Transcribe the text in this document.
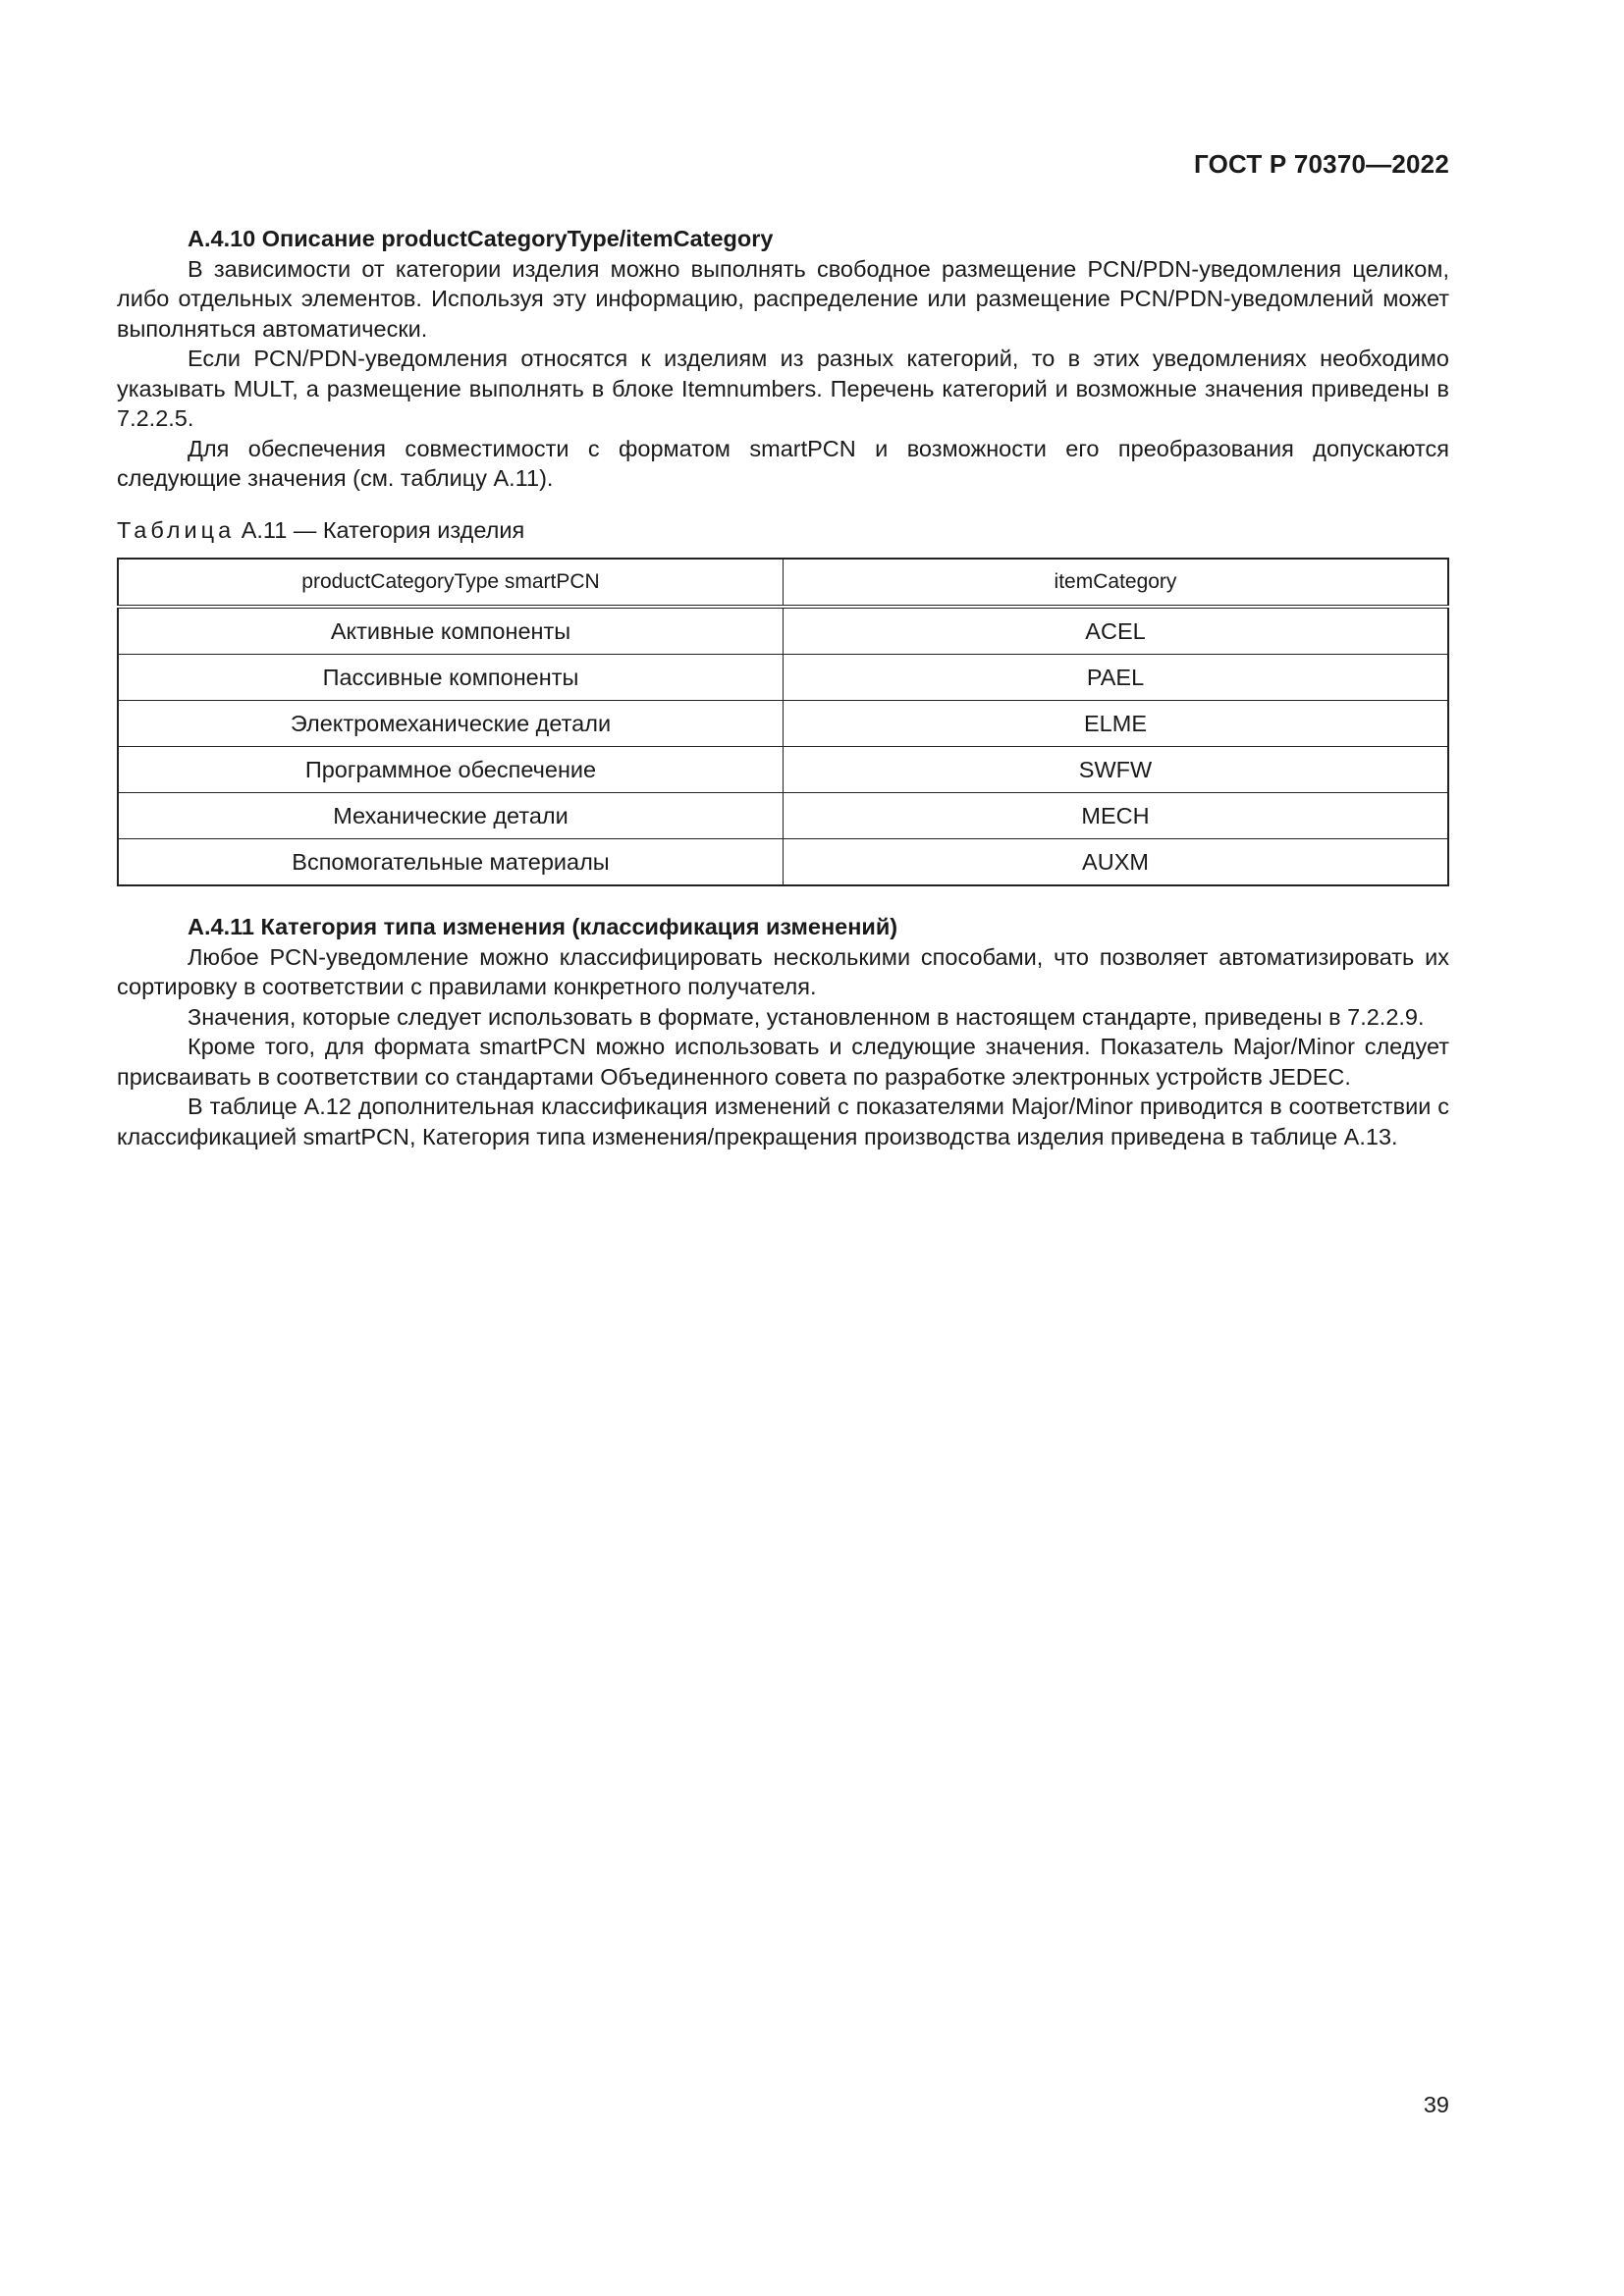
ГОСТ Р 70370—2022
А.4.10 Описание productCategoryType/itemCategory

В зависимости от категории изделия можно выполнять свободное размещение PCN/PDN-уведомления целиком, либо отдельных элементов. Используя эту информацию, распределение или размещение PCN/PDN-уведомлений может выполняться автоматически.

Если PCN/PDN-уведомления относятся к изделиям из разных категорий, то в этих уведомлениях необходимо указывать MULT, а размещение выполнять в блоке Itemnumbers. Перечень категорий и возможные значения приведены в 7.2.2.5.

Для обеспечения совместимости с форматом smartPCN и возможности его преобразования допускаются следующие значения (см. таблицу А.11).

Таблица А.11 — Категория изделия
productCategoryType smartPCN	itemCategory
Активные компоненты	ACEL
Пассивные компоненты	PAEL
Электромеханические детали	ELME
Программное обеспечение	SWFW
Механические детали	MECH
Вспомогательные материалы	AUXM
А.4.11 Категория типа изменения (классификация изменений)

Любое PCN-уведомление можно классифицировать несколькими способами, что позволяет автоматизировать их сортировку в соответствии с правилами конкретного получателя.

Значения, которые следует использовать в формате, установленном в настоящем стандарте, приведены в 7.2.2.9.

Кроме того, для формата smartPCN можно использовать и следующие значения. Показатель Major/Minor следует присваивать в соответствии со стандартами Объединенного совета по разработке электронных устройств JEDEC.

В таблице А.12 дополнительная классификация изменений с показателями Major/Minor приводится в соответствии с классификацией smartPCN, Категория типа изменения/прекращения производства изделия приведена в таблице А.13.

39
